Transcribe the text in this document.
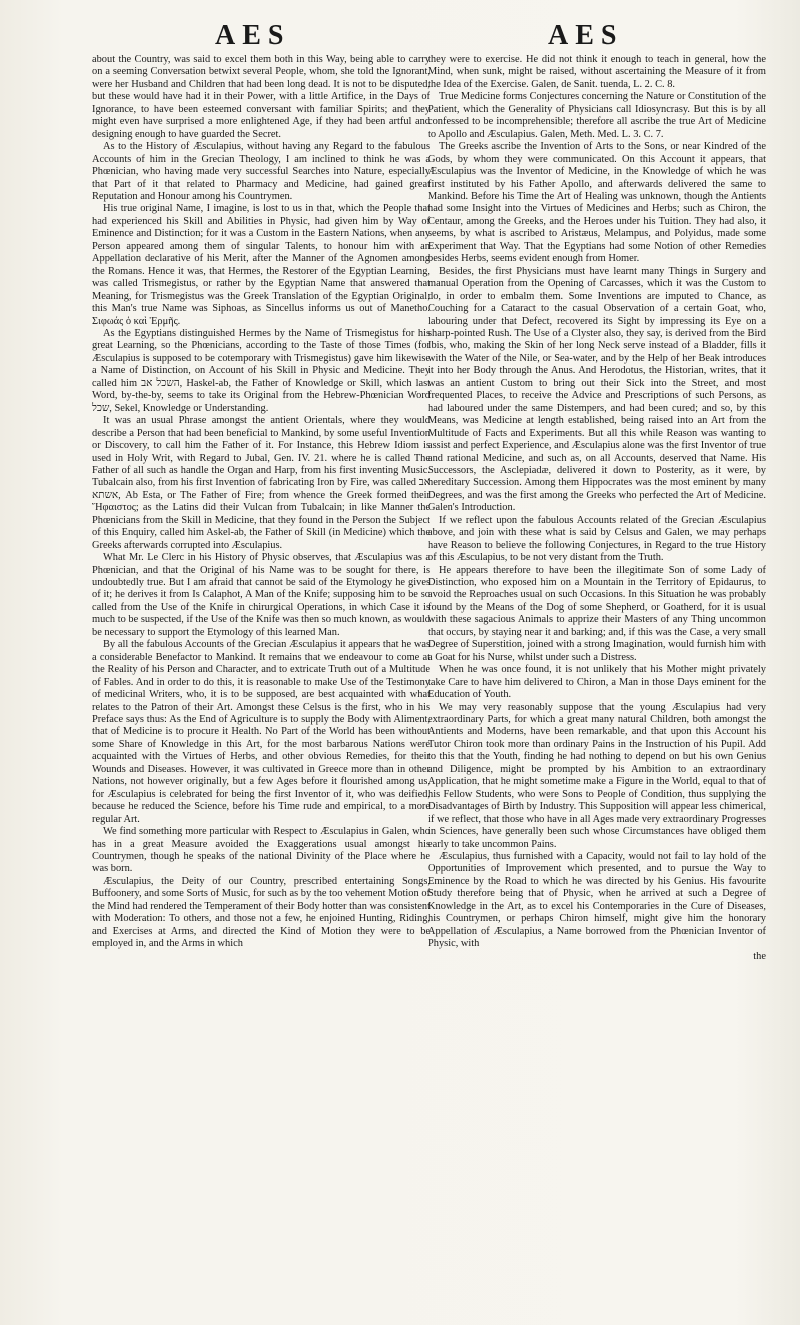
AES	AES

about the Country, was said to excel them both in this Way, being able to carry on a seeming Conversation betwixt several People, whom, she told the Ignorant, were her Husband and Children that had been long dead. It is not to be disputed, but these would have had it in their Power, with a little Artifice, in the Days of Ignorance, to have been esteemed conversant with familiar Spirits; and they might even have surprised a more enlightened Age, if they had been artful and designing enough to have guarded the Secret.

As to the History of Æsculapius, without having any Regard to the fabulous Accounts of him in the Grecian Theology, I am inclined to think he was a Phœnician, who having made very successful Searches into Nature, especially that Part of it that related to Pharmacy and Medicine, had gained great Reputation and Honour among his Countrymen.

His true original Name, I imagine, is lost to us in that, which the People that had experienced his Skill and Abilities in Physic, had given him by Way of Eminence and Distinction; for it was a Custom in the Eastern Nations, when any Person appeared among them of singular Talents, to honour him with an Appellation declarative of his Merit, after the Manner of the Agnomen among the Romans. Hence it was, that Hermes, the Restorer of the Egyptian Learning, was called Trismegistus, or rather by the Egyptian Name that answered that Meaning, for Trismegistus was the Greek Translation of the Egyptian Original; this Man's true Name was Siphoas, as Sincellus informs us out of Manetho. Σιφωάς ὁ καὶ Ἑρμῆς.

As the Egyptians distinguished Hermes by the Name of Trismegistus for his great Learning, so the Phœnicians, according to the Taste of those Times (for Æsculapius is supposed to be cotemporary with Trismegistus) gave him likewise a Name of Distinction, on Account of his Skill in Physic and Medicine. They called him השכל אב, Haskel-ab, the Father of Knowledge or Skill, which last Word, by-the-by, seems to take its Original from the Hebrew-Phœnician Word שכל, Sekel, Knowledge or Understanding.

It was an usual Phrase amongst the antient Orientals, where they would describe a Person that had been beneficial to Mankind, by some useful Invention or Discovery, to call him the Father of it. For Instance, this Hebrew Idiom is used in Holy Writ, with Regard to Jubal, Gen. IV. 21. where he is called The Father of all such as handle the Organ and Harp, from his first inventing Music. Tubalcain also, from his first Invention of fabricating Iron by Fire, was called אב אשתא, Ab Esta, or The Father of Fire; from whence the Greek formed their Ἥφαιστος; as the Latins did their Vulcan from Tubalcain; in like Manner the Phœnicians from the Skill in Medicine, that they found in the Person the Subject of this Enquiry, called him Askel-ab, the Father of Skill (in Medicine) which the Greeks afterwards corrupted into Æsculapius.

What Mr. Le Clerc in his History of Physic observes, that Æsculapius was a Phœnician, and that the Original of his Name was to be sought for there, is undoubtedly true. But I am afraid that cannot be said of the Etymology he gives of it; he derives it from Is Calaphot, A Man of the Knife; supposing him to be so called from the Use of the Knife in chirurgical Operations, in which Case it is much to be suspected, if the Use of the Knife was then so much known, as would be necessary to support the Etymology of this learned Man.

By all the fabulous Accounts of the Grecian Æsculapius it appears that he was a considerable Benefactor to Mankind. It remains that we endeavour to come at the Reality of his Person and Character, and to extricate Truth out of a Multitude of Fables. And in order to do this, it is reasonable to make Use of the Testimony of medicinal Writers, who, it is to be supposed, are best acquainted with what relates to the Patron of their Art. Amongst these Celsus is the first, who in his Preface says thus: As the End of Agriculture is to supply the Body with Aliment, that of Medicine is to procure it Health. No Part of the World has been without some Share of Knowledge in this Art, for the most barbarous Nations were acquainted with the Virtues of Herbs, and other obvious Remedies, for their Wounds and Diseases. However, it was cultivated in Greece more than in other Nations, not however originally, but a few Ages before it flourished among us, for Æsculapius is celebrated for being the first Inventor of it, who was deified, because he reduced the Science, before his Time rude and empirical, to a more regular Art.

We find something more particular with Respect to Æsculapius in Galen, who has in a great Measure avoided the Exaggerations usual amongst his Countrymen, though he speaks of the national Divinity of the Place where he was born.

Æsculapius, the Deity of our Country, prescribed entertaining Songs, Buffoonery, and some Sorts of Music, for such as by the too vehement Motion of the Mind had rendered the Temperament of their Body hotter than was consistent with Moderation: To others, and those not a few, he enjoined Hunting, Riding, and Exercises at Arms, and directed the Kind of Motion they were to be employed in, and the Arms in which

they were to exercise. He did not think it enough to teach in general, how the Mind, when sunk, might be raised, without ascertaining the Measure of it from the Idea of the Exercise. Galen, de Sanit. tuenda, L. 2. C. 8.

True Medicine forms Conjectures concerning the Nature or Constitution of the Patient, which the Generality of Physicians call Idiosyncrasy. But this is by all confessed to be incomprehensible; therefore all ascribe the true Art of Medicine to Apollo and Æsculapius. Galen, Meth. Med. L. 3. C. 7.

The Greeks ascribe the Invention of Arts to the Sons, or near Kindred of the Gods, by whom they were communicated. On this Account it appears, that Æsculapius was the Inventor of Medicine, in the Knowledge of which he was first instituted by his Father Apollo, and afterwards delivered the same to Mankind. Before his Time the Art of Healing was unknown, though the Antients had some Insight into the Virtues of Medicines and Herbs; such as Chiron, the Centaur, among the Greeks, and the Heroes under his Tuition. They had also, it seems, by what is ascribed to Aristæus, Melampus, and Polyidus, made some Experiment that Way. That the Egyptians had some Notion of other Remedies besides Herbs, seems evident enough from Homer.

Besides, the first Physicians must have learnt many Things in Surgery and manual Operation from the Opening of Carcasses, which it was the Custom to do, in order to embalm them. Some Inventions are imputed to Chance, as Couching for a Cataract to the casual Observation of a certain Goat, who, labouring under that Defect, recovered its Sight by impressing its Eye on a sharp-pointed Rush. The Use of a Clyster also, they say, is derived from the Bird Ibis, who, making the Skin of her long Neck serve instead of a Bladder, fills it with the Water of the Nile, or Sea-water, and by the Help of her Beak introduces it into her Body through the Anus. And Herodotus, the Historian, writes, that it was an antient Custom to bring out their Sick into the Street, and most frequented Places, to receive the Advice and Prescriptions of such Persons, as had laboured under the same Distempers, and had been cured; and so, by this Means, was Medicine at length established, being raised into an Art from the Multitude of Facts and Experiments. But all this while Reason was wanting to assist and perfect Experience, and Æsculapius alone was the first Inventor of true and rational Medicine, and such as, on all Accounts, deserved that Name. His Successors, the Asclepiadæ, delivered it down to Posterity, as it were, by hereditary Succession. Among them Hippocrates was the most eminent by many Degrees, and was the first among the Greeks who perfected the Art of Medicine. Galen's Introduction.

If we reflect upon the fabulous Accounts related of the Grecian Æsculapius above, and join with these what is said by Celsus and Galen, we may perhaps have Reason to believe the following Conjectures, in Regard to the true History of this Æsculapius, to be not very distant from the Truth.

He appears therefore to have been the illegitimate Son of some Lady of Distinction, who exposed him on a Mountain in the Territory of Epidaurus, to avoid the Reproaches usual on such Occasions. In this Situation he was probably found by the Means of the Dog of some Shepherd, or Goatherd, for it is usual with these sagacious Animals to apprize their Masters of any Thing uncommon that occurs, by staying near it and barking; and, if this was the Case, a very small Degree of Superstition, joined with a strong Imagination, would furnish him with a Goat for his Nurse, whilst under such a Distress.

When he was once found, it is not unlikely that his Mother might privately take Care to have him delivered to Chiron, a Man in those Days eminent for the Education of Youth.

We may very reasonably suppose that the young Æsculapius had very extraordinary Parts, for which a great many natural Children, both amongst the Antients and Moderns, have been remarkable, and that upon this Account his Tutor Chiron took more than ordinary Pains in the Instruction of his Pupil. Add to this that the Youth, finding he had nothing to depend on but his own Genius and Diligence, might be prompted by his Ambition to an extraordinary Application, that he might sometime make a Figure in the World, equal to that of his Fellow Students, who were Sons to People of Condition, thus supplying the Disadvantages of Birth by Industry. This Supposition will appear less chimerical, if we reflect, that those who have in all Ages made very extraordinary Progresses in Sciences, have generally been such whose Circumstances have obliged them early to take uncommon Pains.

Æsculapius, thus furnished with a Capacity, would not fail to lay hold of the Opportunities of Improvement which presented, and to pursue the Way to Eminence by the Road to which he was directed by his Genius. His favourite Study therefore being that of Physic, when he arrived at such a Degree of Knowledge in the Art, as to excel his Contemporaries in the Cure of Diseases, his Countrymen, or perhaps Chiron himself, might give him the honorary Appellation of Æsculapius, a Name borrowed from the Phœnician Inventor of Physic, with

the
